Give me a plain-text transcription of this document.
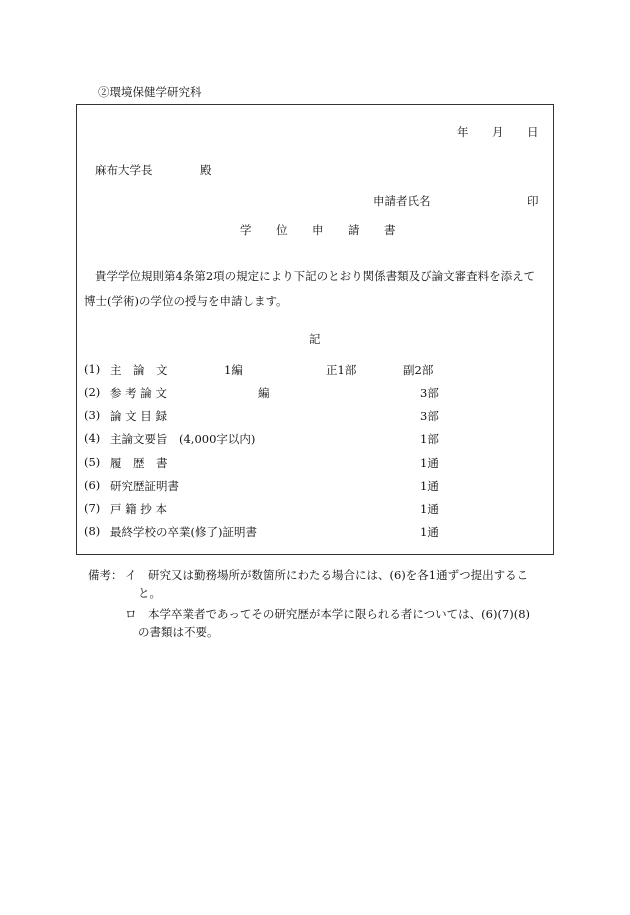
②環境保健学研究科
年 月 日
麻布大学長	殿
申請者氏名	印
学 位 申 請 書
貴学学位規則第4条第2項の規定により下記のとおり関係書類及び論文審査料を添えて
博士(学術)の学位の授与を申請します。
記
(1) 主　論　文	1編	正1部	副2部
(2) 参 考 論 文	編	3部
(3) 論 文 目 録	3部
(4) 主論文要旨　(4,000字以内)	1部
(5) 履　歴　書	1通
(6) 研究歴証明書	1通
(7) 戸 籍 抄 本	1通
(8) 最終学校の卒業(修了)証明書	1通
備考： イ 研究又は勤務場所が数箇所にわたる場合には、(6)を各1通ずつ提出するこ
と。
ロ 本学卒業者であってその研究歴が本学に限られる者については、(6)(7)(8)
の書類は不要。
